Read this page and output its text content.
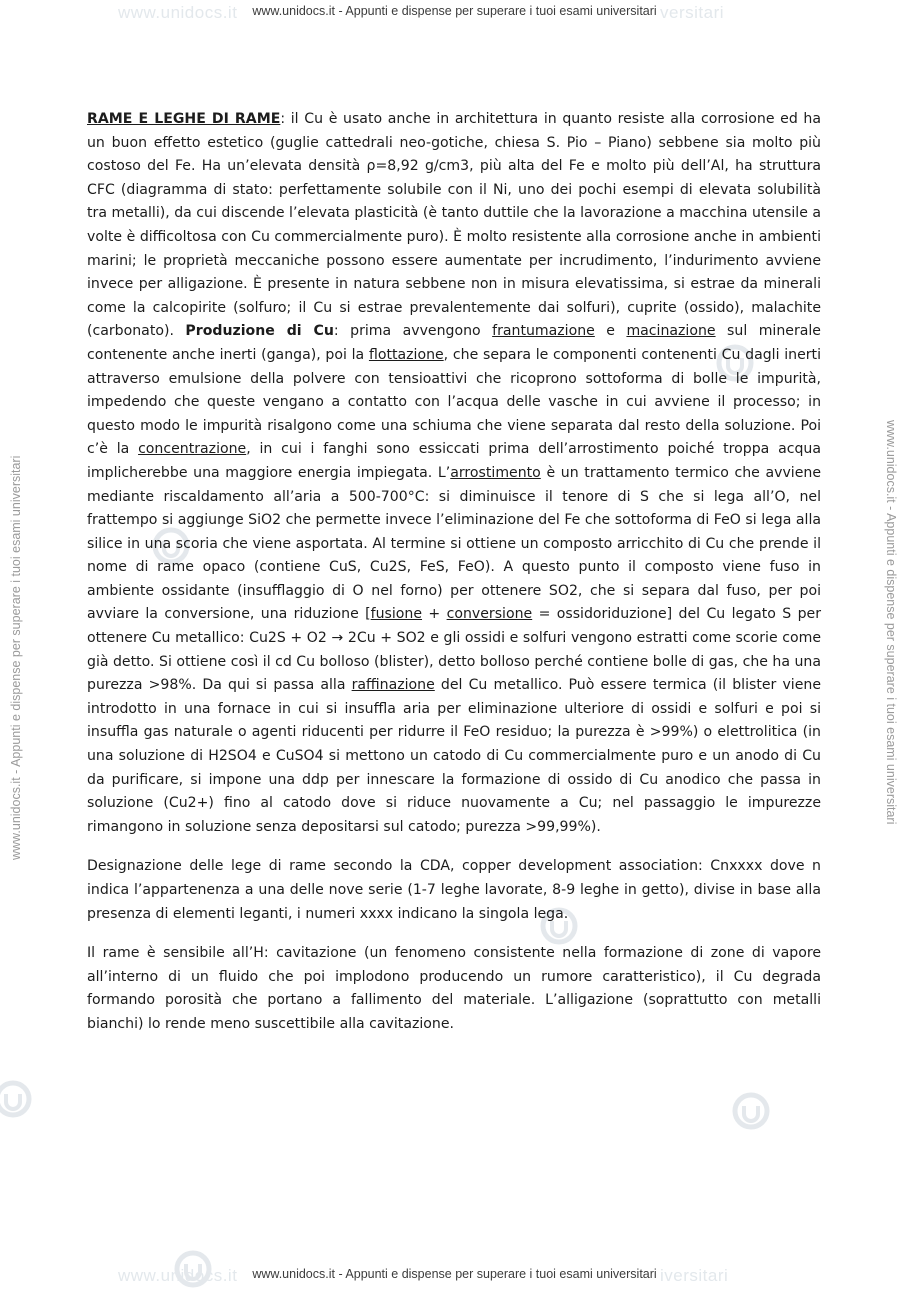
www.unidocs.it	versitari
www.unidocs.it	iversitari
www.unidocs.it - Appunti e dispense per superare i tuoi esami universitari
www.unidocs.it - Appunti e dispense per superare i tuoi esami universitari
www.unidocs.it - Appunti e dispense per superare i tuoi esami universitari	www.unidocs.it - Appunti e dispense per superare i tuoi esami universitari

RAME E LEGHE DI RAME: il Cu è usato anche in architettura in quanto resiste alla corrosione ed ha un buon effetto estetico (guglie cattedrali neo-gotiche, chiesa S. Pio – Piano) sebbene sia molto più costoso del Fe. Ha un’elevata densità ρ=8,92 g/cm3, più alta del Fe e molto più dell’Al, ha struttura CFC (diagramma di stato: perfettamente solubile con il Ni, uno dei pochi esempi di elevata solubilità tra metalli), da cui discende l’elevata plasticità (è tanto duttile che la lavorazione a macchina utensile a volte è difficoltosa con Cu commercialmente puro). È molto resistente alla corrosione anche in ambienti marini; le proprietà meccaniche possono essere aumentate per incrudimento, l’indurimento avviene invece per alligazione. È presente in natura sebbene non in misura elevatissima, si estrae da minerali come la calcopirite (solfuro; il Cu si estrae prevalentemente dai solfuri), cuprite (ossido), malachite (carbonato). Produzione di Cu: prima avvengono frantumazione e macinazione sul minerale contenente anche inerti (ganga), poi la flottazione, che separa le componenti contenenti Cu dagli inerti attraverso emulsione della polvere con tensioattivi che ricoprono sottoforma di bolle le impurità, impedendo che queste vengano a contatto con l’acqua delle vasche in cui avviene il processo; in questo modo le impurità risalgono come una schiuma che viene separata dal resto della soluzione. Poi c’è la concentrazione, in cui i fanghi sono essiccati prima dell’arrostimento poiché troppa acqua implicherebbe una maggiore energia impiegata. L’arrostimento è un trattamento termico che avviene mediante riscaldamento all’aria a 500-700°C: si diminuisce il tenore di S che si lega all’O, nel frattempo si aggiunge SiO2 che permette invece l’eliminazione del Fe che sottoforma di FeO si lega alla silice in una scoria che viene asportata. Al termine si ottiene un composto arricchito di Cu che prende il nome di rame opaco (contiene CuS, Cu2S, FeS, FeO). A questo punto il composto viene fuso in ambiente ossidante (insufflaggio di O nel forno) per ottenere SO2, che si separa dal fuso, per poi avviare la conversione, una riduzione [fusione + conversione = ossidoriduzione] del Cu legato S per ottenere Cu metallico: Cu2S + O2 → 2Cu + SO2 e gli ossidi e solfuri vengono estratti come scorie come già detto. Si ottiene così il cd Cu bolloso (blister), detto bolloso perché contiene bolle di gas, che ha una purezza >98%. Da qui si passa alla raffinazione del Cu metallico. Può essere termica (il blister viene introdotto in una fornace in cui si insuffla aria per eliminazione ulteriore di ossidi e solfuri e poi si insuffla gas naturale o agenti riducenti per ridurre il FeO residuo; la purezza è >99%) o elettrolitica (in una soluzione di H2SO4 e CuSO4 si mettono un catodo di Cu commercialmente puro e un anodo di Cu da purificare, si impone una ddp per innescare la formazione di ossido di Cu anodico che passa in soluzione (Cu2+) fino al catodo dove si riduce nuovamente a Cu; nel passaggio le impurezze rimangono in soluzione senza depositarsi sul catodo; purezza >99,99%).

Designazione delle lege di rame secondo la CDA, copper development association: Cnxxxx dove n indica l’appartenenza a una delle nove serie (1-7 leghe lavorate, 8-9 leghe in getto), divise in base alla presenza di elementi leganti, i numeri xxxx indicano la singola lega.

Il rame è sensibile all’H: cavitazione (un fenomeno consistente nella formazione di zone di vapore all’interno di un fluido che poi implodono producendo un rumore caratteristico), il Cu degrada formando porosità che portano a fallimento del materiale. L’alligazione (soprattutto con metalli bianchi) lo rende meno suscettibile alla cavitazione.
